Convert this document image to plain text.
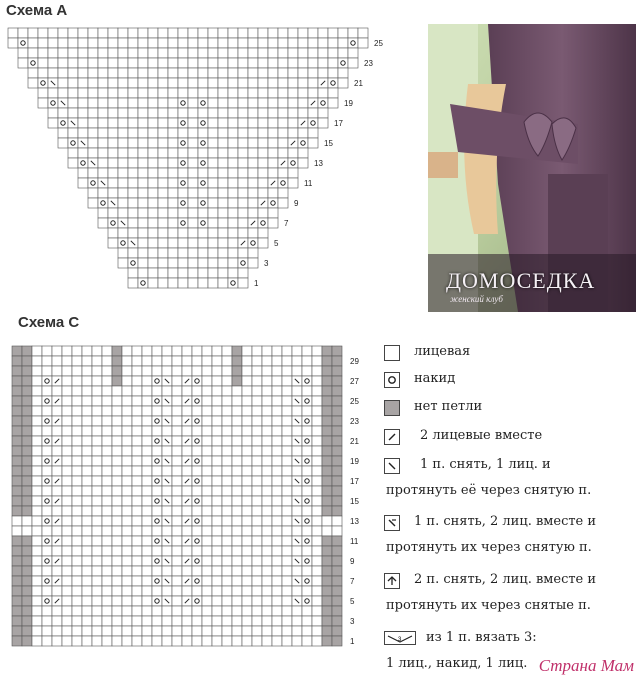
Схема А
Схема С
25
23
21
19
17
15
13
11
9
7
5
3
1
29
27
25
23
21
19
17
15
13
11
9
7
5
3
1
ДОМОСЕДКА
женский клуб
лицевая
накид
нет петли
2 лицевые вместе
1 п. снять, 1 лиц. и
протянуть её через снятую п.
1 п. снять, 2 лиц. вместе и
протянуть их через снятую п.
2 п. снять, 2 лиц. вместе и
протянуть их через снятые п.
3 из 1 п. вязать 3:
1 лиц., накид, 1 лиц. Страна Мам
